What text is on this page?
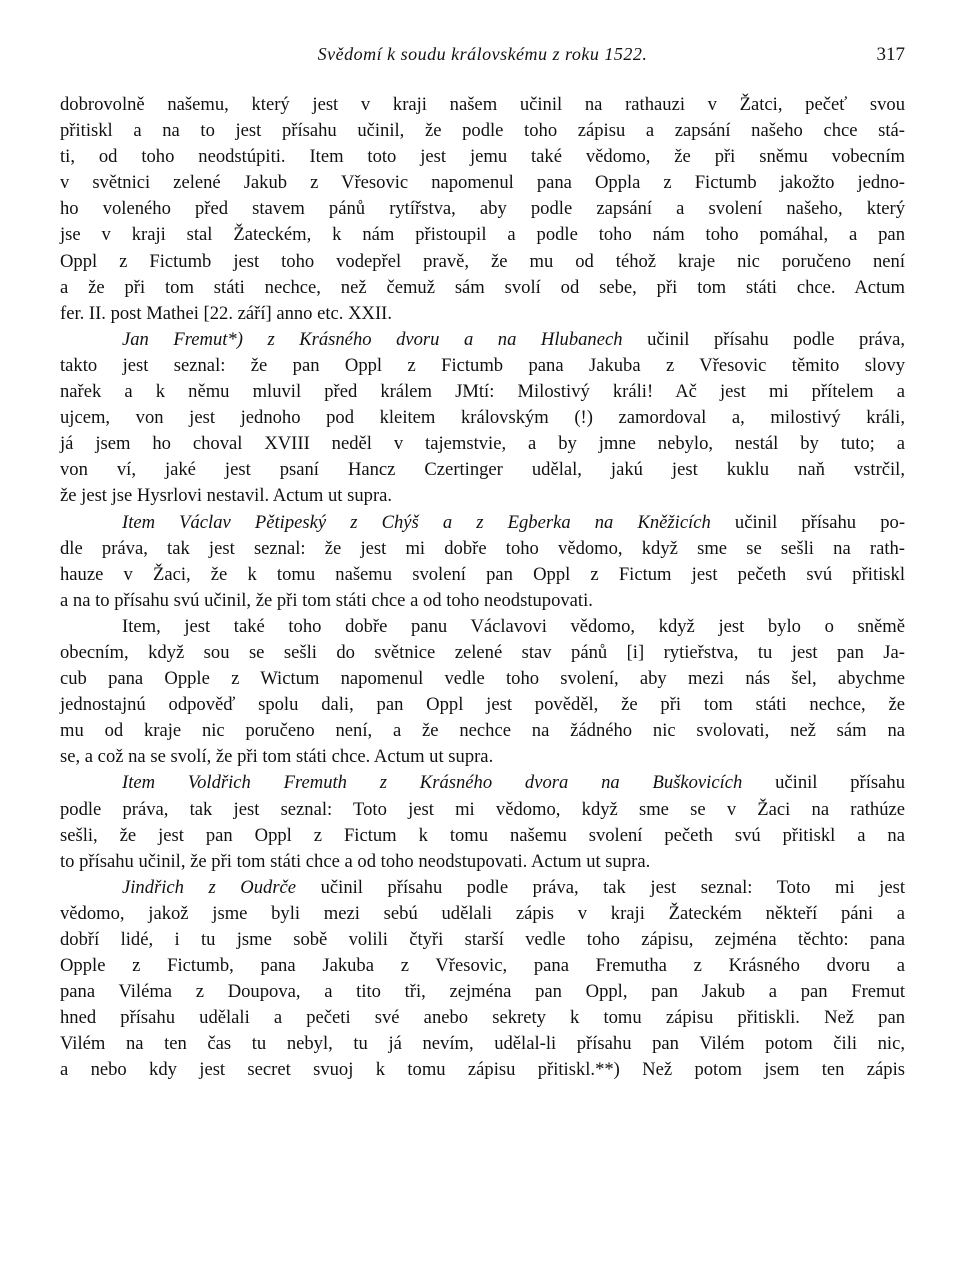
Svědomí k soudu královskému z roku 1522.	317
dobrovolně našemu, který jest v kraji našem učinil na rathauzi v Žatci, pečeť svou
přitiskl a na to jest přísahu učinil, že podle toho zápisu a zapsání našeho chce stá-
ti, od toho neodstúpiti. Item toto jest jemu také vědomo, že při sněmu vobecním
v světnici zelené Jakub z Vřesovic napomenul pana Oppla z Fictumb jakožto jedno-
ho voleného před stavem pánů rytířstva, aby podle zapsání a svolení našeho, který
jse v kraji stal Žateckém, k nám přistoupil a podle toho nám toho pomáhal, a pan
Oppl z Fictumb jest toho vodepřel pravě, že mu od téhož kraje nic poručeno není
a že při tom státi nechce, než čemuž sám svolí od sebe, při tom státi chce. Actum
fer. II. post Mathei [22. září] anno etc. XXII.
Jan Fremut*) z Krásného dvoru a na Hlubanech učinil přísahu podle práva,
takto jest seznal: že pan Oppl z Fictumb pana Jakuba z Vřesovic těmito slovy
nařek a k němu mluvil před králem JMtí: Milostivý králi! Ač jest mi přítelem a
ujcem, von jest jednoho pod kleitem královským (!) zamordoval a, milostivý králi,
já jsem ho choval XVIII neděl v tajemstvie, a by jmne nebylo, nestál by tuto; a
von ví, jaké jest psaní Hancz Czertinger udělal, jakú jest kuklu naň vstrčil,
že jest jse Hysrlovi nestavil. Actum ut supra.
Item Václav Pětipeský z Chýš a z Egberka na Kněžicích učinil přísahu po-
dle práva, tak jest seznal: že jest mi dobře toho vědomo, když sme se sešli na rath-
hauze v Žaci, že k tomu našemu svolení pan Oppl z Fictum jest pečeth svú přitiskl
a na to přísahu svú učinil, že při tom státi chce a od toho neodstupovati.
Item, jest také toho dobře panu Václavovi vědomo, když jest bylo o sněmě
obecním, když sou se sešli do světnice zelené stav pánů [i] rytieřstva, tu jest pan Ja-
cub pana Opple z Wictum napomenul vedle toho svolení, aby mezi nás šel, abychme
jednostajnú odpověď spolu dali, pan Oppl jest pověděl, že při tom státi nechce, že
mu od kraje nic poručeno není, a že nechce na žádného nic svolovati, než sám na
se, a což na se svolí, že při tom státi chce. Actum ut supra.
Item Voldřich Fremuth z Krásného dvora na Buškovicích učinil přísahu
podle práva, tak jest seznal: Toto jest mi vědomo, když sme se v Žaci na rathúze
sešli, že jest pan Oppl z Fictum k tomu našemu svolení pečeth svú přitiskl a na
to přísahu učinil, že při tom státi chce a od toho neodstupovati. Actum ut supra.
Jindřich z Oudrče učinil přísahu podle práva, tak jest seznal: Toto mi jest
vědomo, jakož jsme byli mezi sebú udělali zápis v kraji Žateckém někteří páni a
dobří lidé, i tu jsme sobě volili čtyři starší vedle toho zápisu, zejména těchto: pana
Opple z Fictumb, pana Jakuba z Vřesovic, pana Fremutha z Krásného dvoru a
pana Viléma z Doupova, a tito tři, zejména pan Oppl, pan Jakub a pan Fremut
hned přísahu udělali a pečeti své anebo sekrety k tomu zápisu přitiskli. Než pan
Vilém na ten čas tu nebyl, tu já nevím, udělal-li přísahu pan Vilém potom čili nic,
a nebo kdy jest secret svuoj k tomu zápisu přitiskl.**) Než potom jsem ten zápis
